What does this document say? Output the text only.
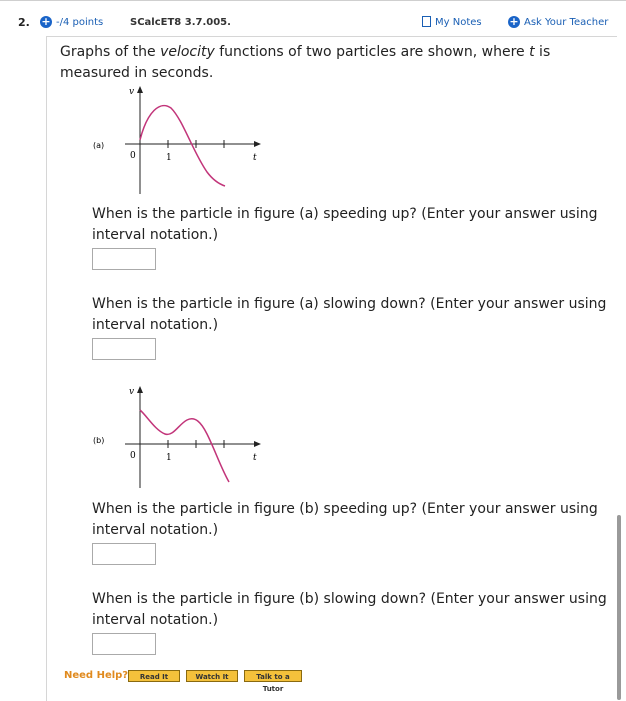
2. + -/4 points	SCalcET8 3.7.005.	My Notes	+ Ask Your Teacher
Graphs of the velocity functions of two particles are shown, where t is measured in seconds.
(a)
v
t
0	1
When is the particle in figure (a) speeding up? (Enter your answer using interval notation.)
When is the particle in figure (a) slowing down? (Enter your answer using interval notation.)
(b)
v
t
0	1
When is the particle in figure (b) speeding up? (Enter your answer using interval notation.)
When is the particle in figure (b) slowing down? (Enter your answer using interval notation.)
Need Help?	Read It	Watch It	Talk to a Tutor
